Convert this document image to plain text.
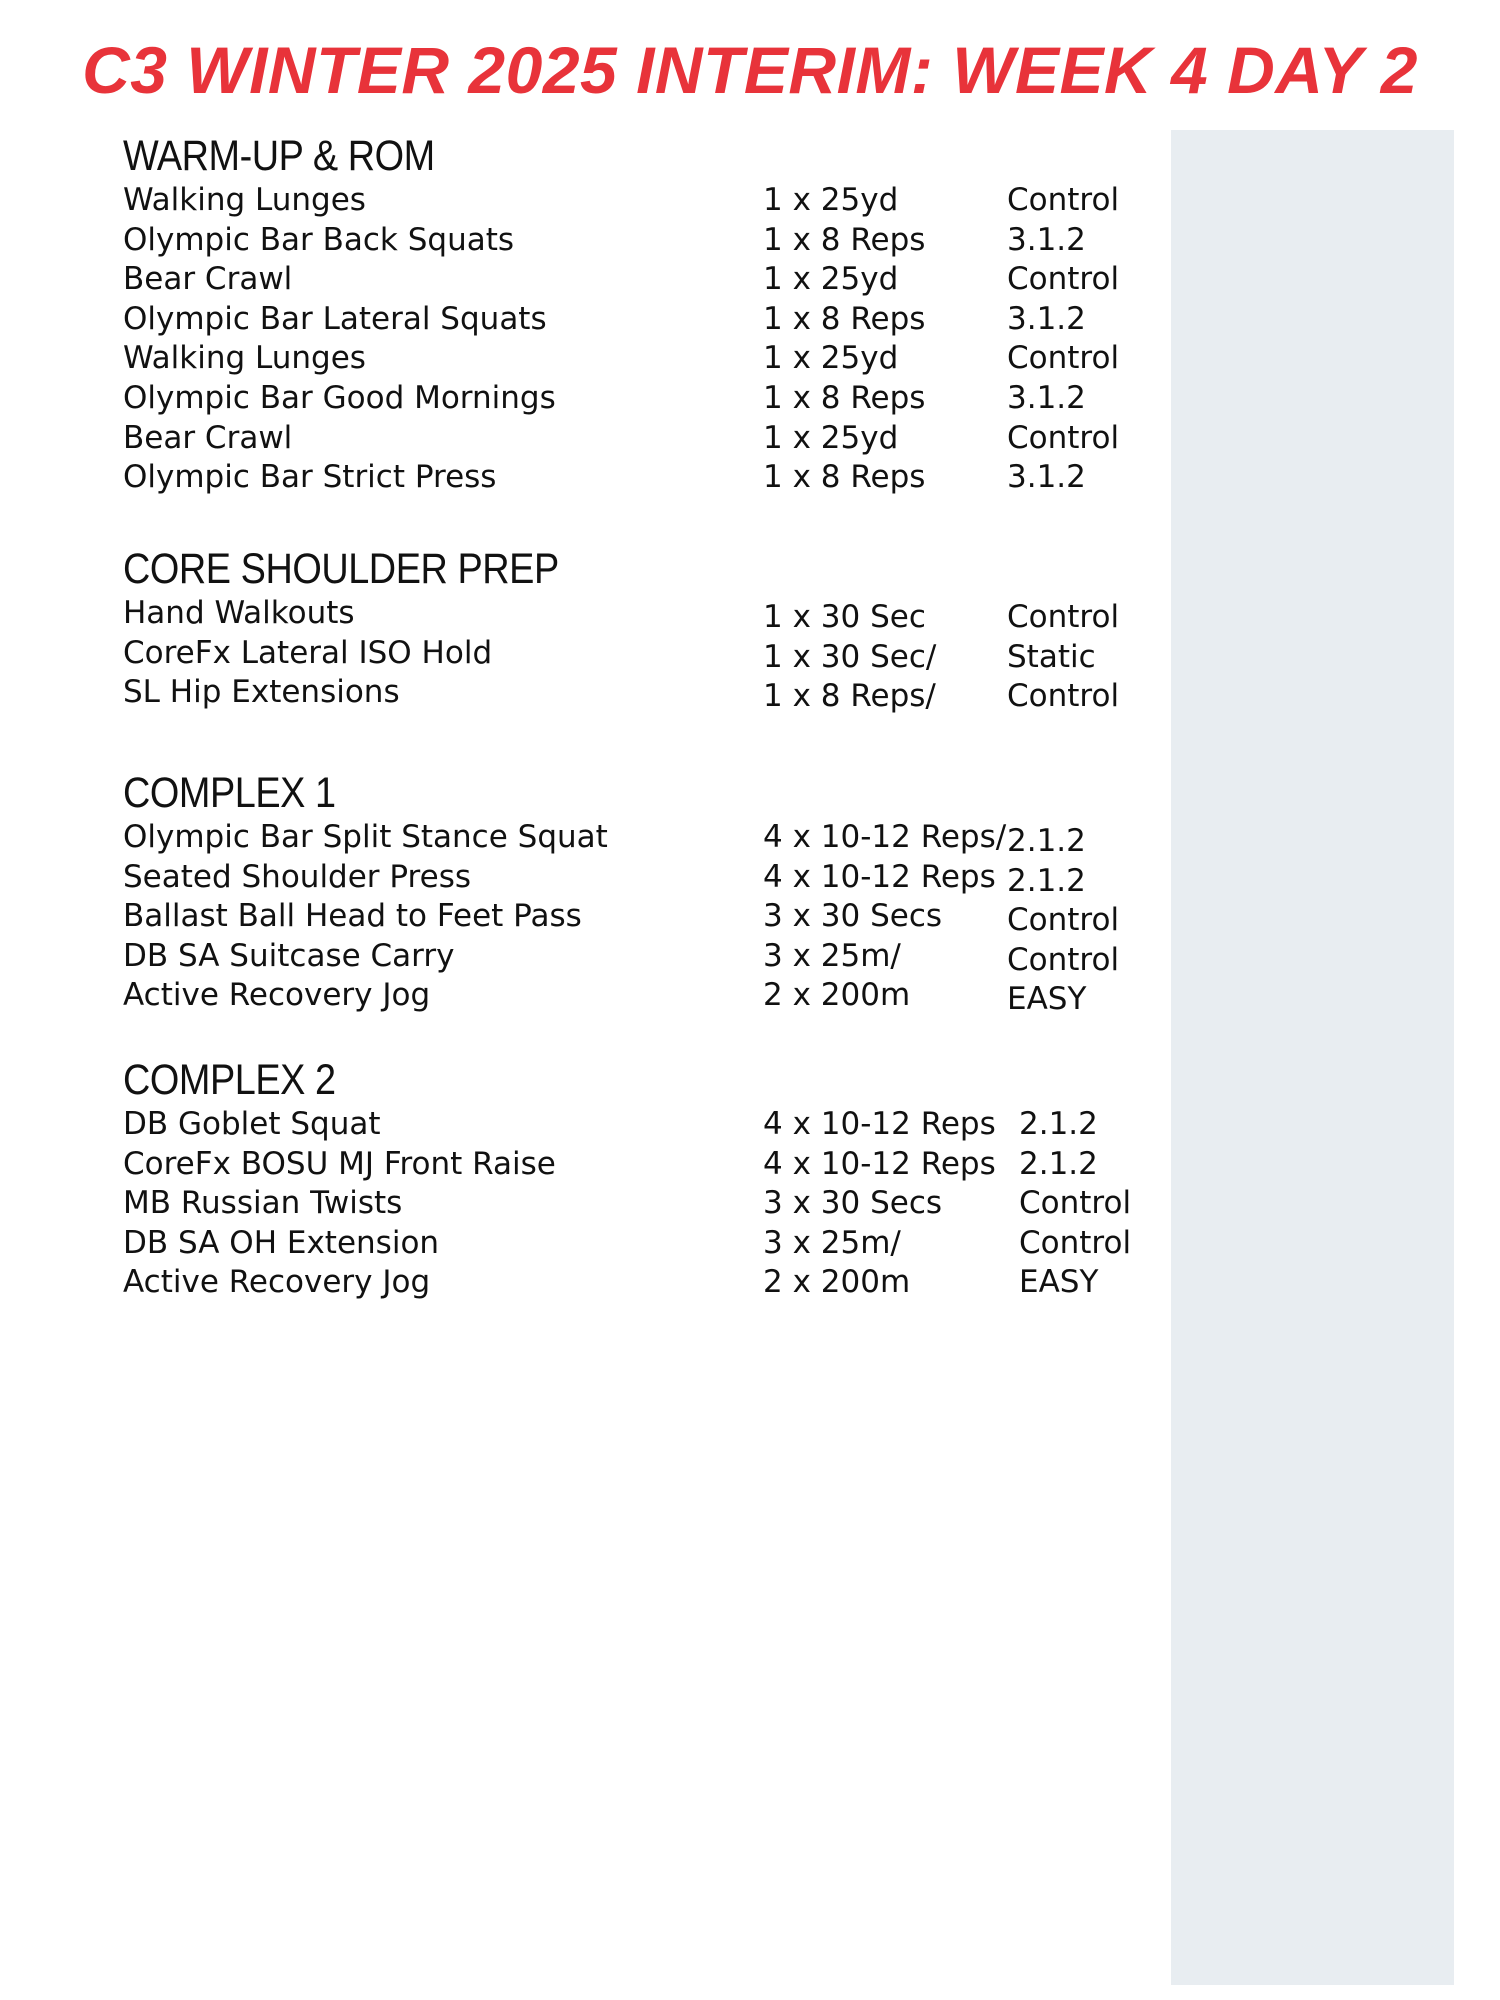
C3 WINTER 2025 INTERIM: WEEK 4 DAY 2
WARM-UP & ROM
Walking Lunges	1 x 25yd	Control
Olympic Bar Back Squats	1 x 8 Reps	3.1.2
Bear Crawl	1 x 25yd	Control
Olympic Bar Lateral Squats	1 x 8 Reps	3.1.2
Walking Lunges	1 x 25yd	Control
Olympic Bar Good Mornings	1 x 8 Reps	3.1.2
Bear Crawl	1 x 25yd	Control
Olympic Bar Strict Press	1 x 8 Reps	3.1.2
CORE SHOULDER PREP
Hand Walkouts	1 x 30 Sec	Control
CoreFx Lateral ISO Hold	1 x 30 Sec/ Static
SL Hip Extensions	1 x 8 Reps/ Control
COMPLEX 1
Olympic Bar Split Stance Squat	4 x 10-12 Reps/ 2.1.2
Seated Shoulder Press	4 x 10-12 Reps 2.1.2
Ballast Ball Head to Feet Pass	3 x 30 Secs Control
DB SA Suitcase Carry	3 x 25m/	Control
Active Recovery Jog	2 x 200m	EASY
COMPLEX 2
DB Goblet Squat	4 x 10-12 Reps 2.1.2
CoreFx BOSU MJ Front Raise	4 x 10-12 Reps 2.1.2
MB Russian Twists	3 x 30 Secs Control
DB SA OH Extension	3 x 25m/	Control
Active Recovery Jog	2 x 200m	EASY
